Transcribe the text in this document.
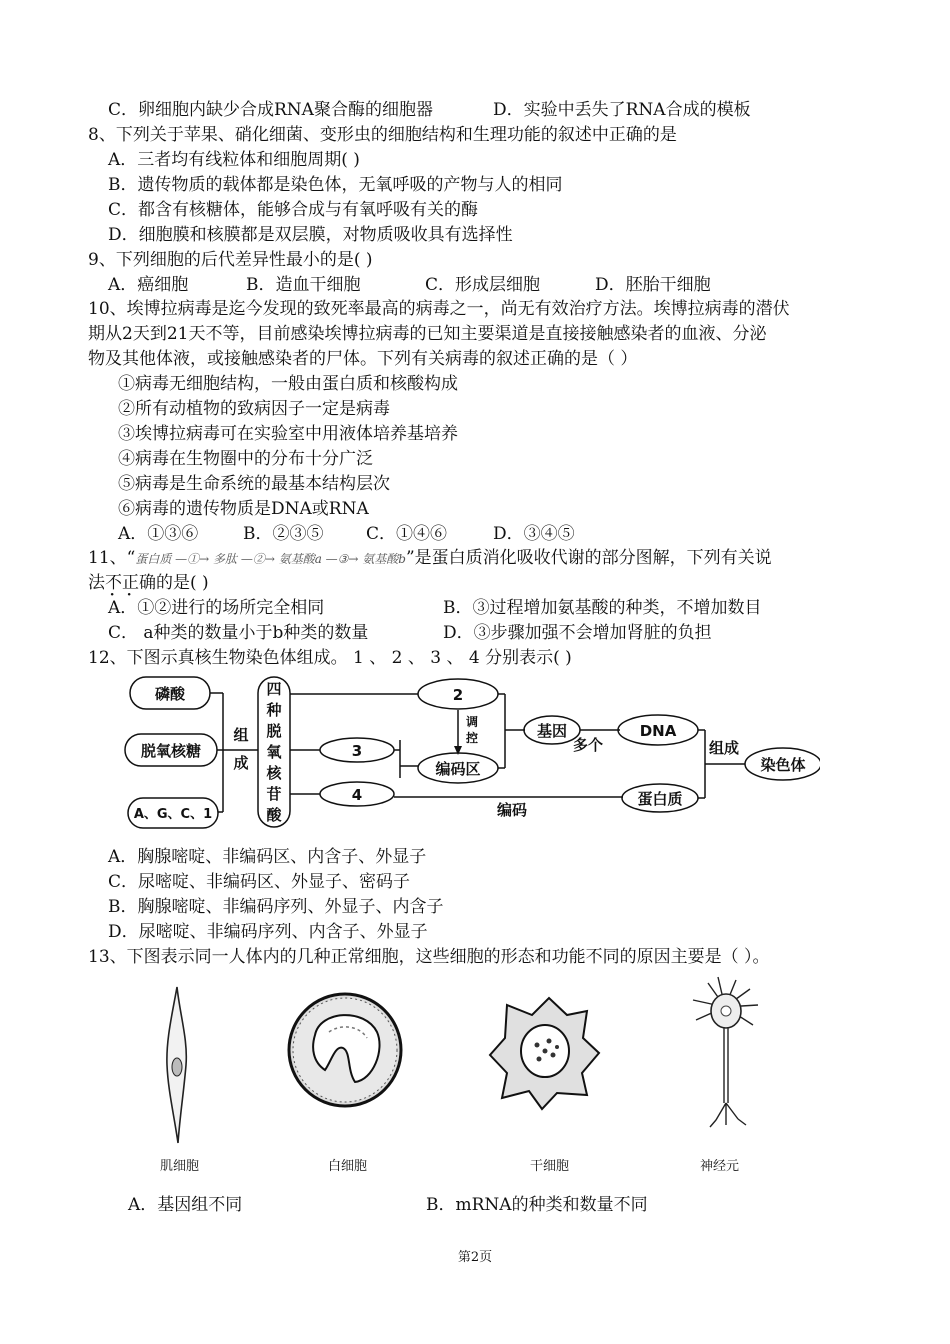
C．卵细胞内缺少合成RNA聚合酶的细胞器	D．实验中丢失了RNA合成的模板
8、下列关于苹果、硝化细菌、变形虫的细胞结构和生理功能的叙述中正确的是
A．三者均有线粒体和细胞周期( )
B．遗传物质的载体都是染色体，无氧呼吸的产物与人的相同
C．都含有核糖体，能够合成与有氧呼吸有关的酶
D．细胞膜和核膜都是双层膜，对物质吸收具有选择性
9、下列细胞的后代差异性最小的是( )
A．癌细胞	B．造血干细胞	C．形成层细胞	D．胚胎干细胞
10、埃博拉病毒是迄今发现的致死率最高的病毒之一，尚无有效治疗方法。埃博拉病毒的潜伏
期从2天到21天不等，目前感染埃博拉病毒的已知主要渠道是直接接触感染者的血液、分泌
物及其他体液，或接触感染者的尸体。下列有关病毒的叙述正确的是（ ）
①病毒无细胞结构，一般由蛋白质和核酸构成
②所有动植物的致病因子一定是病毒
③埃博拉病毒可在实验室中用液体培养基培养
④病毒在生物圈中的分布十分广泛
⑤病毒是生命系统的最基本结构层次
⑥病毒的遗传物质是DNA或RNA
A．①③⑥	B．②③⑤	C．①④⑥	D．③④⑤
11、“蛋白质 —①→ 多肽 —②→ 氨基酸a —③→ 氨基酸b”是蛋白质消化吸收代谢的部分图解，下列有关说
法不正确的是( )
A．①②进行的场所完全相同	B．③过程增加氨基酸的种类，不增加数目
C． a种类的数量小于b种类的数量	D．③步骤加强不会增加肾脏的负担
12、下图示真核生物染色体组成。 1 、 2 、 3 、 4 分别表示( )
磷酸
脱氧核糖
A、G、C、1
组
成
四
种
脱
氧
核
苷
酸
2
3
4
调
控
编码区
基因
多个
DNA
蛋白质
编码
组成
染色体
A．胸腺嘧啶、非编码区、内含子、外显子
C．尿嘧啶、非编码区、外显子、密码子
B．胸腺嘧啶、非编码序列、外显子、内含子
D．尿嘧啶、非编码序列、内含子、外显子
13、下图表示同一人体内的几种正常细胞，这些细胞的形态和功能不同的原因主要是（ ）。
肌细胞	白细胞	干细胞	神经元
A．基因组不同	B．mRNA的种类和数量不同
第2页
